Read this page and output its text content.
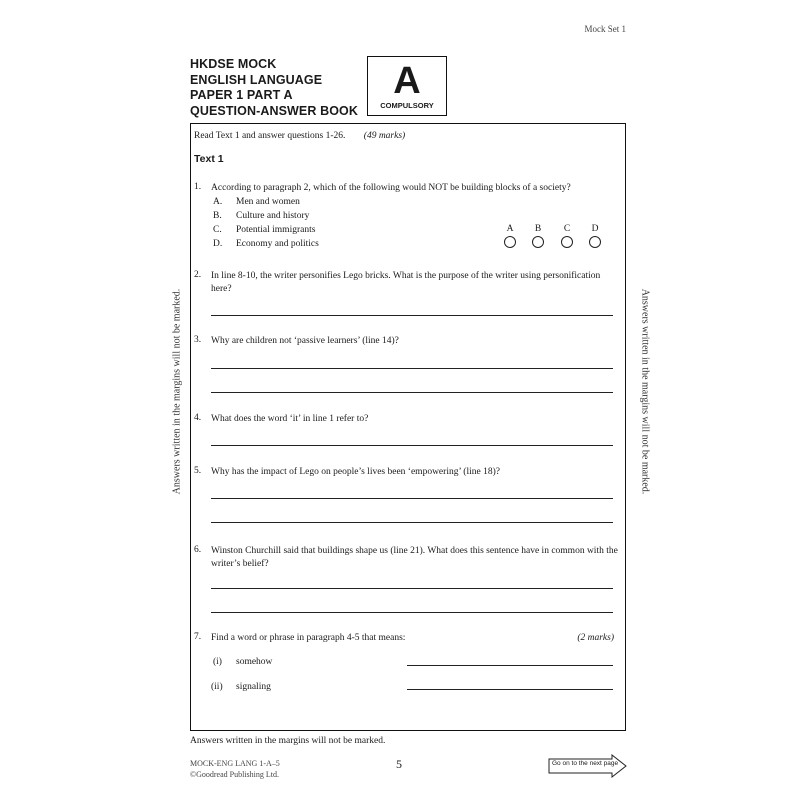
Mock Set 1
HKDSE MOCK
ENGLISH LANGUAGE
PAPER 1 PART A
QUESTION-ANSWER BOOK
A
COMPULSORY
Answers written in the margins will not be marked.	Answers written in the margins will not be marked.
Read Text 1 and answer questions 1-26. (49 marks)
Text 1
1. According to paragraph 2, which of the following would NOT be building blocks of a society?
A. Men and women
B. Culture and history
C. Potential immigrants
D. Economy and politics
A B C D
2. In line 8-10, the writer personifies Lego bricks. What is the purpose of the writer using personification here?
3. Why are children not ‘passive learners’ (line 14)?
4. What does the word ‘it’ in line 1 refer to?
5. Why has the impact of Lego on people’s lives been ‘empowering’ (line 18)?
6. Winston Churchill said that buildings shape us (line 21). What does this sentence have in common with the writer’s belief?
7. Find a word or phrase in paragraph 4-5 that means:	(2 marks)
(i) somehow
(ii) signaling
Answers written in the margins will not be marked.
MOCK-ENG LANG 1-A–5
©Goodread Publishing Ltd.
5	Go on to the next page
